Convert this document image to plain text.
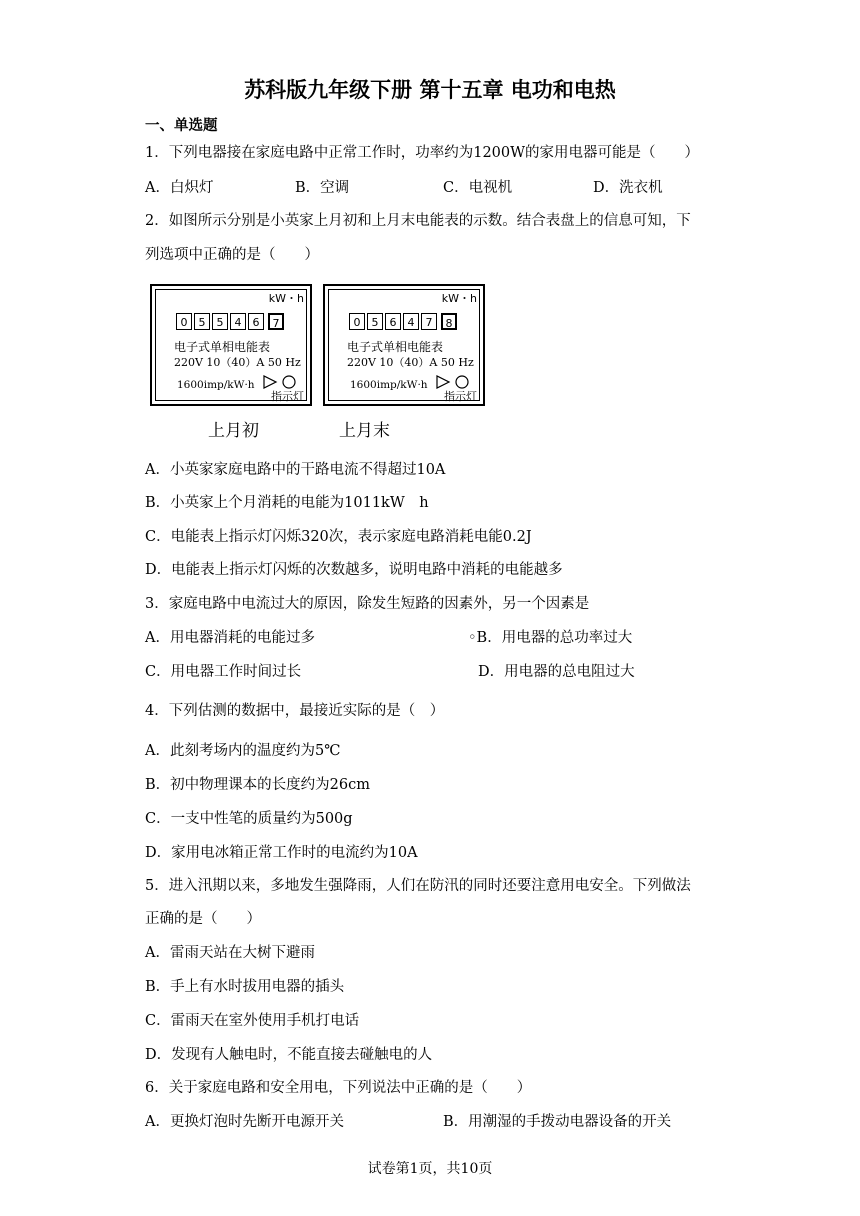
苏科版九年级下册 第十五章 电功和电热
一、单选题
1．下列电器接在家庭电路中正常工作时，功率约为1200W的家用电器可能是（　　）
A．白炽灯	B．空调	C．电视机	D．洗衣机
2．如图所示分别是小英家上月初和上月末电能表的示数。结合表盘上的信息可知，下
列选项中正确的是（　　）
kW・h
0	5	5	4	6	7
电子式单相电能表
220V 10（40）A 50 Hz
1600imp/kW·h
指示灯
上月初
kW・h
0	5	6	4	7	8
电子式单相电能表
220V 10（40）A 50 Hz
1600imp/kW·h
指示灯
上月末
A．小英家家庭电路中的干路电流不得超过10A
B．小英家上个月消耗的电能为1011kW　h
C．电能表上指示灯闪烁320次，表示家庭电路消耗电能0.2J
D．电能表上指示灯闪烁的次数越多，说明电路中消耗的电能越多
3．家庭电路中电流过大的原因，除发生短路的因素外，另一个因素是
A．用电器消耗的电能过多	◦B．用电器的总功率过大
C．用电器工作时间过长	D．用电器的总电阻过大
4．下列估测的数据中，最接近实际的是（　）
A．此刻考场内的温度约为5℃
B．初中物理课本的长度约为26cm
C．一支中性笔的质量约为500g
D．家用电冰箱正常工作时的电流约为10A
5．进入汛期以来，多地发生强降雨，人们在防汛的同时还要注意用电安全。下列做法
正确的是（　　）
A．雷雨天站在大树下避雨
B．手上有水时拔用电器的插头
C．雷雨天在室外使用手机打电话
D．发现有人触电时，不能直接去碰触电的人
6．关于家庭电路和安全用电，下列说法中正确的是（　　）
A．更换灯泡时先断开电源开关	B．用潮湿的手拨动电器设备的开关
试卷第1页，共10页
